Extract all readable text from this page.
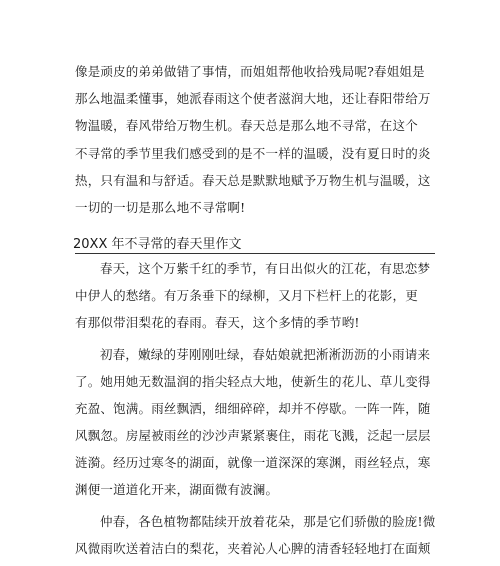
像是顽皮的弟弟做错了事情，而姐姐帮他收拾残局呢?春姐姐是
那么地温柔懂事，她派春雨这个使者滋润大地，还让春阳带给万
物温暖，春风带给万物生机。春天总是那么地不寻常，在这个
不寻常的季节里我们感受到的是不一样的温暖，没有夏日时的炎
热，只有温和与舒适。春天总是默默地赋予万物生机与温暖，这
一切的一切是那么地不寻常啊!
20XX 年不寻常的春天里作文
春天，这个万紫千红的季节，有日出似火的江花，有思恋梦
中伊人的愁绪。有万条垂下的绿柳，又月下栏杆上的花影，更
有那似带泪梨花的春雨。春天，这个多情的季节哟!
初春，嫩绿的芽刚刚吐绿，春姑娘就把淅淅沥沥的小雨请来
了。她用她无数温润的指尖轻点大地，使新生的花儿、草儿变得
充盈、饱满。雨丝飘洒，细细碎碎，却并不停歇。一阵一阵，随
风飘忽。房屋被雨丝的沙沙声紧紧裹住，雨花飞溅，泛起一层层
涟漪。经历过寒冬的湖面，就像一道深深的寒渊，雨丝轻点，寒
渊便一道道化开来，湖面微有波澜。
仲春，各色植物都陆续开放着花朵，那是它们骄傲的脸庞!微
风微雨吹送着洁白的梨花，夹着沁人心脾的清香轻轻地打在面颊
